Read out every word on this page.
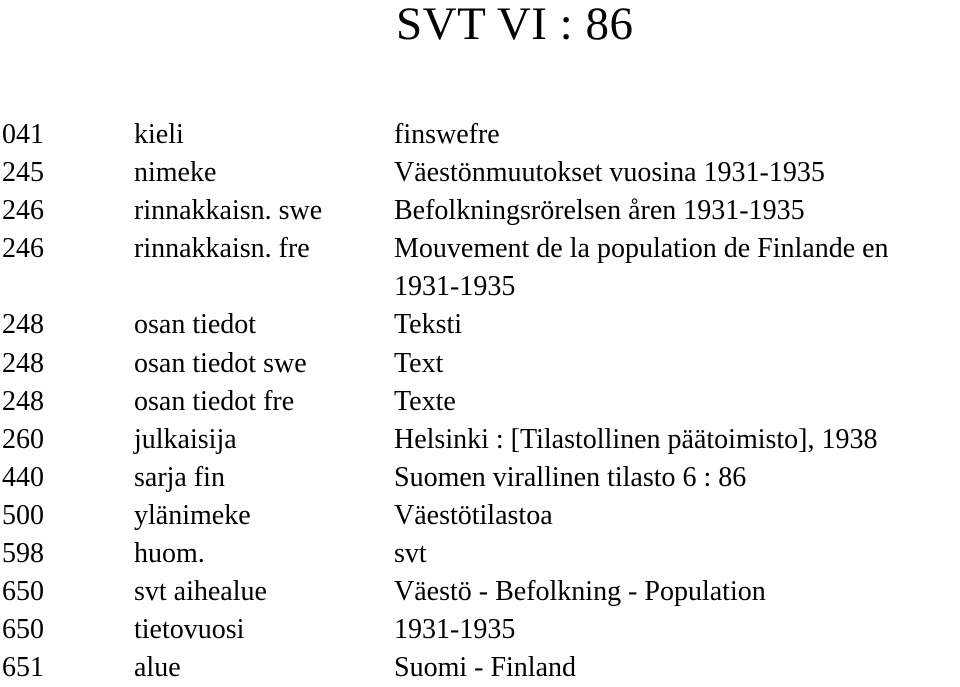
SVT VI : 86
041	kieli	finswefre
245	nimeke	Väestönmuutokset vuosina 1931-1935
246	rinnakkaisn. swe	Befolkningsrörelsen åren 1931-1935
246	rinnakkaisn. fre	Mouvement de la population de Finlande en 1931-1935
248	osan tiedot	Teksti
248	osan tiedot swe	Text
248	osan tiedot fre	Texte
260	julkaisija	Helsinki : [Tilastollinen päätoimisto], 1938
440	sarja fin	Suomen virallinen tilasto 6 : 86
500	ylänimeke	Väestötilastoa
598	huom.	svt
650	svt aihealue	Väestö - Befolkning - Population
650	tietovuosi	1931-1935
651	alue	Suomi - Finland
